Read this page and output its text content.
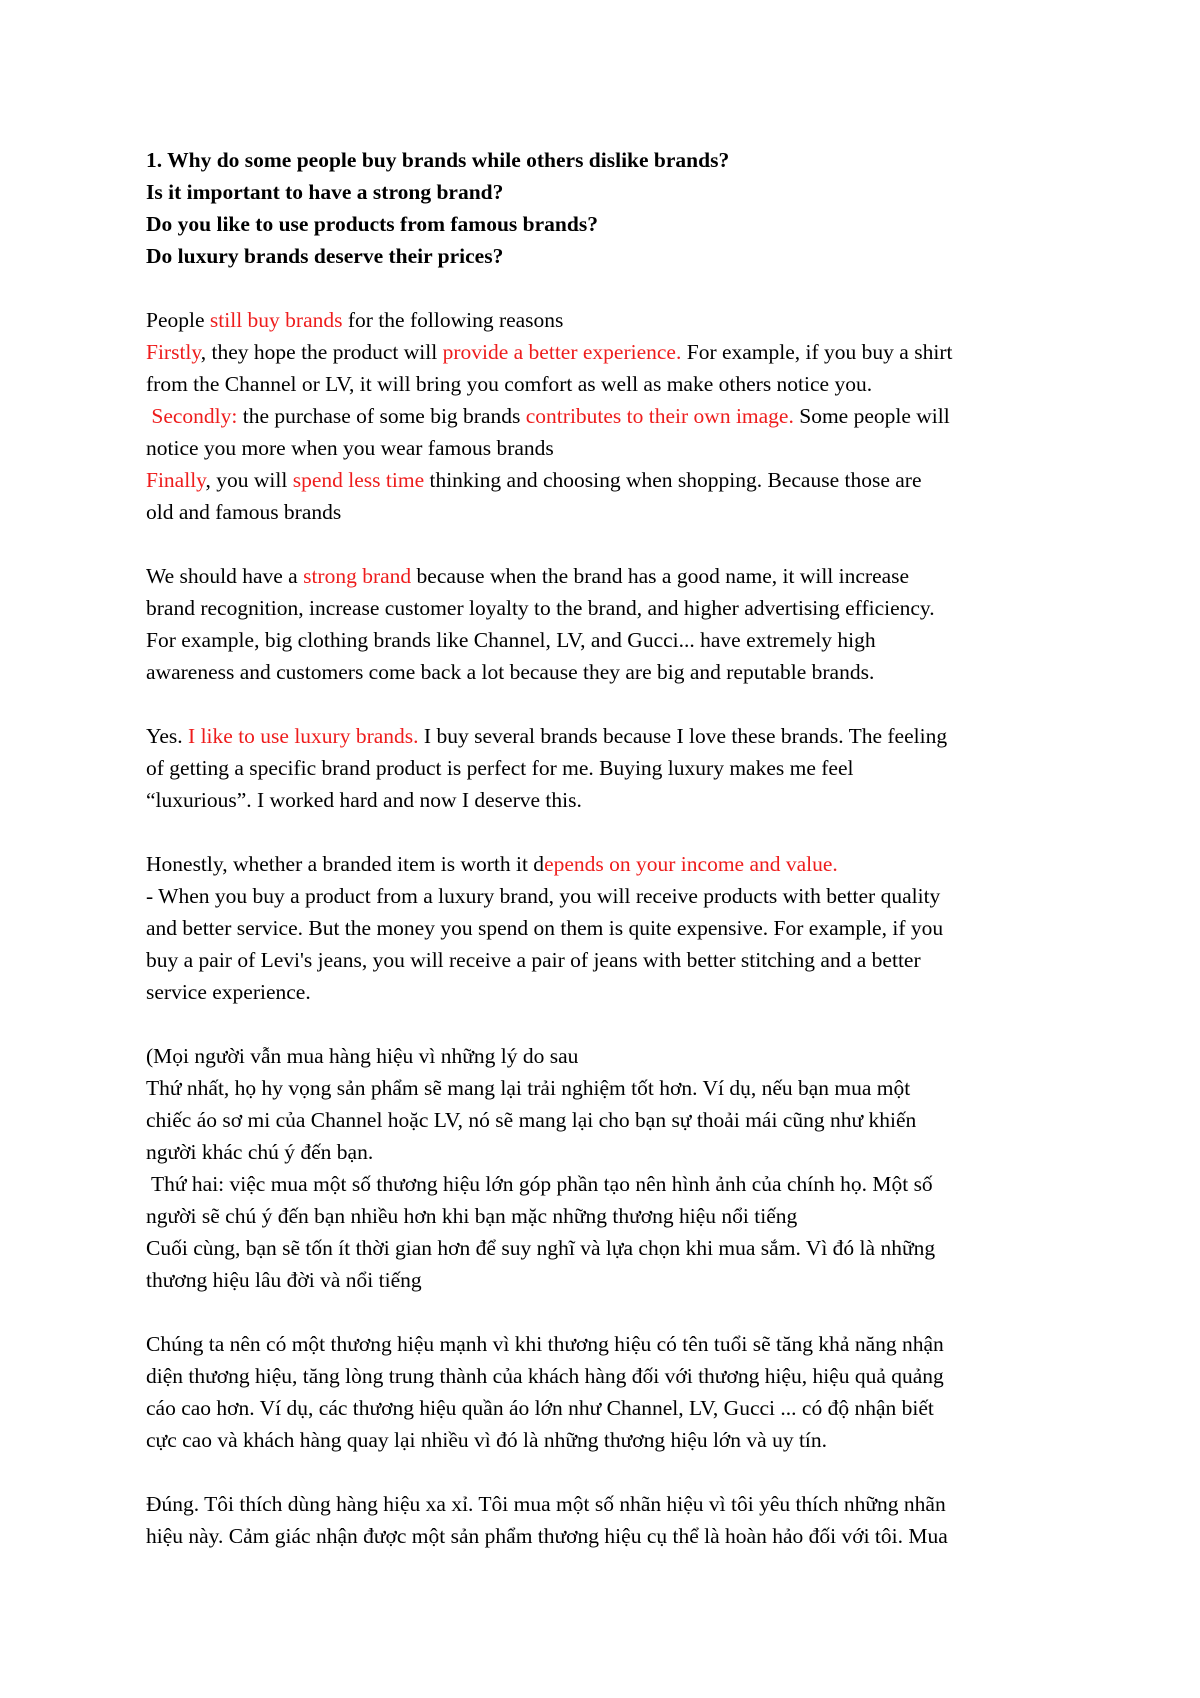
1. Why do some people buy brands while others dislike brands?
Is it important to have a strong brand?
Do you like to use products from famous brands?
Do luxury brands deserve their prices?
People still buy brands for the following reasons
Firstly, they hope the product will provide a better experience. For example, if you buy a shirt
from the Channel or LV, it will bring you comfort as well as make others notice you.
Secondly: the purchase of some big brands contributes to their own image. Some people will
notice you more when you wear famous brands
Finally, you will spend less time thinking and choosing when shopping. Because those are
old and famous brands
We should have a strong brand because when the brand has a good name, it will increase
brand recognition, increase customer loyalty to the brand, and higher advertising efficiency.
For example, big clothing brands like Channel, LV, and Gucci... have extremely high
awareness and customers come back a lot because they are big and reputable brands.
Yes. I like to use luxury brands. I buy several brands because I love these brands. The feeling
of getting a specific brand product is perfect for me. Buying luxury makes me feel
“luxurious”. I worked hard and now I deserve this.
Honestly, whether a branded item is worth it depends on your income and value.
- When you buy a product from a luxury brand, you will receive products with better quality
and better service. But the money you spend on them is quite expensive. For example, if you
buy a pair of Levi's jeans, you will receive a pair of jeans with better stitching and a better
service experience.
(Mọi người vẫn mua hàng hiệu vì những lý do sau
Thứ nhất, họ hy vọng sản phẩm sẽ mang lại trải nghiệm tốt hơn. Ví dụ, nếu bạn mua một
chiếc áo sơ mi của Channel hoặc LV, nó sẽ mang lại cho bạn sự thoải mái cũng như khiến
người khác chú ý đến bạn.
Thứ hai: việc mua một số thương hiệu lớn góp phần tạo nên hình ảnh của chính họ. Một số
người sẽ chú ý đến bạn nhiều hơn khi bạn mặc những thương hiệu nổi tiếng
Cuối cùng, bạn sẽ tốn ít thời gian hơn để suy nghĩ và lựa chọn khi mua sắm. Vì đó là những
thương hiệu lâu đời và nổi tiếng
Chúng ta nên có một thương hiệu mạnh vì khi thương hiệu có tên tuổi sẽ tăng khả năng nhận
diện thương hiệu, tăng lòng trung thành của khách hàng đối với thương hiệu, hiệu quả quảng
cáo cao hơn. Ví dụ, các thương hiệu quần áo lớn như Channel, LV, Gucci ... có độ nhận biết
cực cao và khách hàng quay lại nhiều vì đó là những thương hiệu lớn và uy tín.
Đúng. Tôi thích dùng hàng hiệu xa xỉ. Tôi mua một số nhãn hiệu vì tôi yêu thích những nhãn
hiệu này. Cảm giác nhận được một sản phẩm thương hiệu cụ thể là hoàn hảo đối với tôi. Mua
